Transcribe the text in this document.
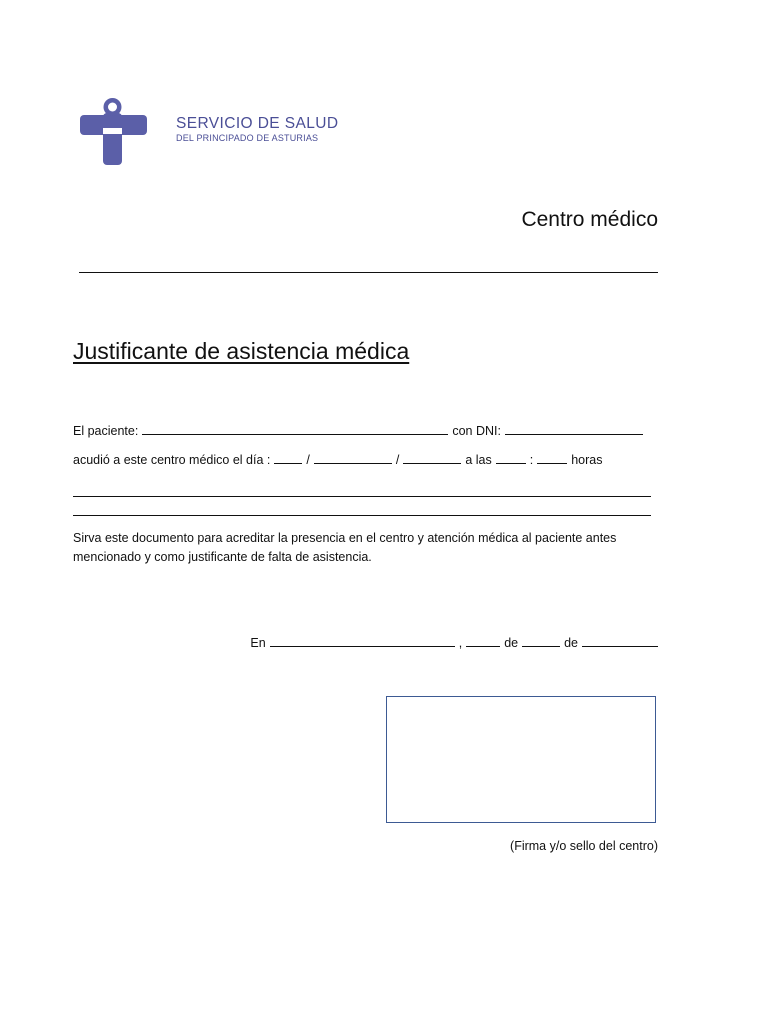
SERVICIO DE SALUD
DEL PRINCIPADO DE ASTURIAS
Centro médico
Justificante de asistencia médica
El paciente:	con DNI:
acudió a este centro médico el día :	/	/	a las	:	horas
Sirva este documento para acreditar la presencia en el centro y atención médica al paciente antes mencionado y como justificante de falta de asistencia.
En	,	de	de
(Firma y/o sello del centro)
